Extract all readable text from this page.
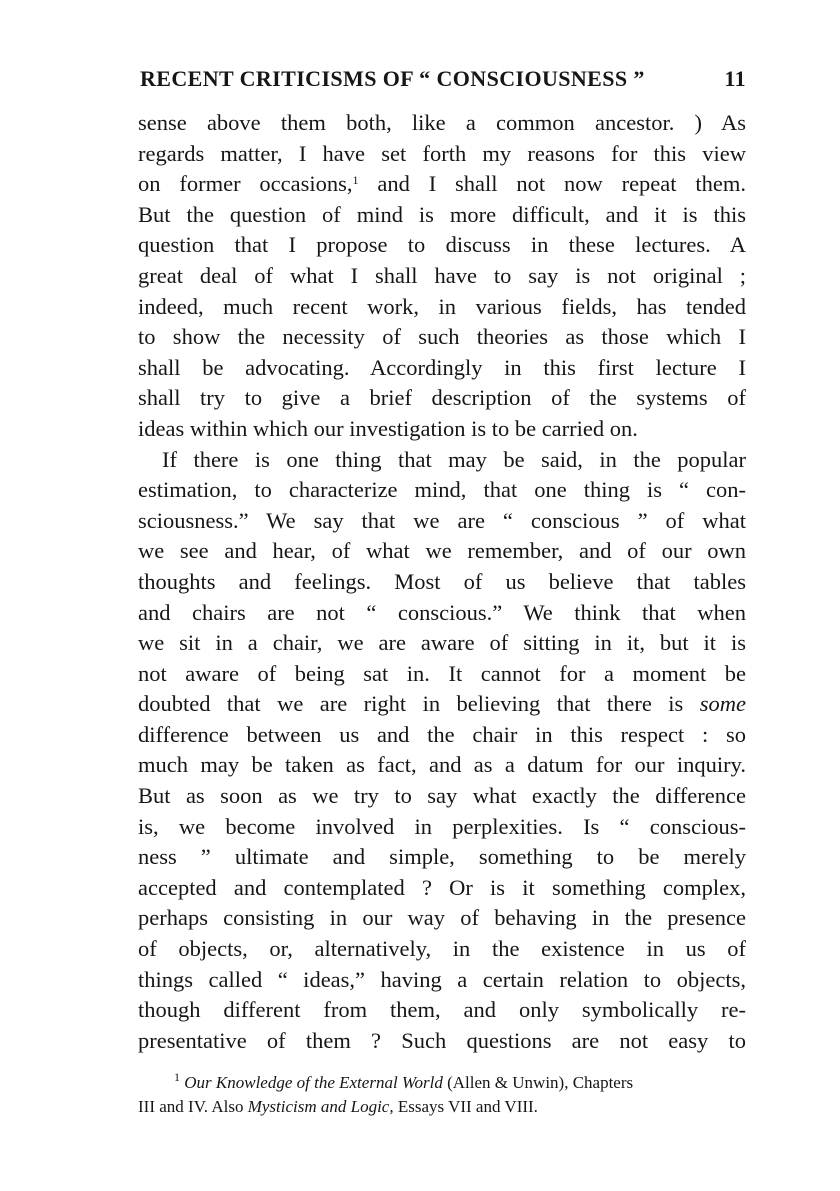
RECENT CRITICISMS OF “ CONSCIOUSNESS ”	11

sense above them both, like a common ancestor. ) As
regards matter, I have set forth my reasons for this view
on former occasions,$^1$ and I shall not now repeat them.
But the question of mind is more difficult, and it is this
question that I propose to discuss in these lectures. A
great deal of what I shall have to say is not original ;
indeed, much recent work, in various fields, has tended
to show the necessity of such theories as those which I
shall be advocating. Accordingly in this first lecture I
shall try to give a brief description of the systems of
ideas within which our investigation is to be carried on.

If there is one thing that may be said, in the popular
estimation, to characterize mind, that one thing is “ con-
sciousness.” We say that we are “ conscious ” of what
we see and hear, of what we remember, and of our own
thoughts and feelings. Most of us believe that tables
and chairs are not “ conscious.” We think that when
we sit in a chair, we are aware of sitting in it, but it is
not aware of being sat in. It cannot for a moment be
doubted that we are right in believing that there is some
difference between us and the chair in this respect : so
much may be taken as fact, and as a datum for our inquiry.
But as soon as we try to say what exactly the difference
is, we become involved in perplexities. Is “ conscious-
ness ” ultimate and simple, something to be merely
accepted and contemplated ? Or is it something complex,
perhaps consisting in our way of behaving in the presence
of objects, or, alternatively, in the existence in us of
things called “ ideas,” having a certain relation to objects,
though different from them, and only symbolically re-
presentative of them ? Such questions are not easy to

$^1$ Our Knowledge of the External World (Allen & Unwin), Chapters
III and IV. Also Mysticism and Logic, Essays VII and VIII.
